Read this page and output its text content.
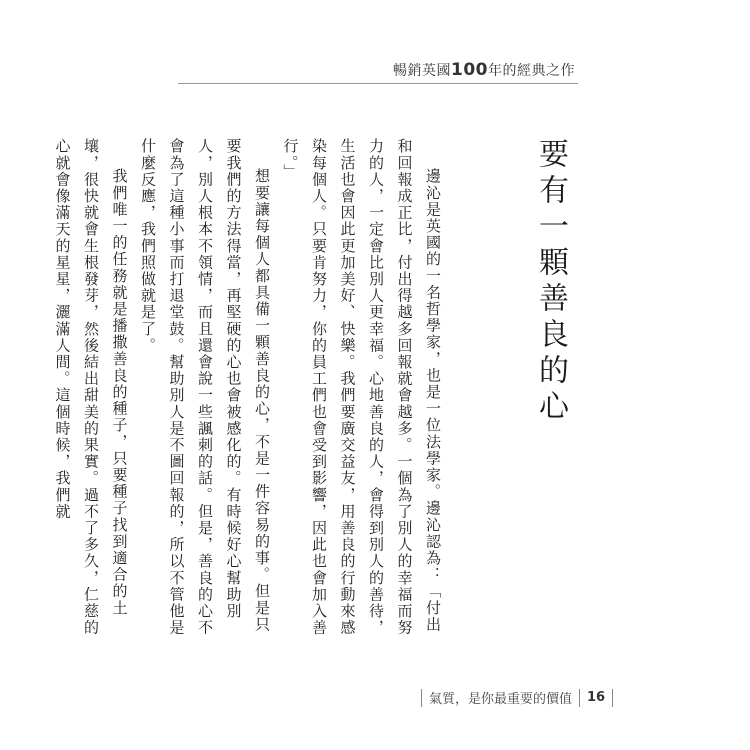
暢銷英國100年的經典之作
要有一顆善良的心

邊沁是英國的一名哲學家，也是一位法學家。邊沁認為：「付出和回報成正比，付出得越多回報就會越多。一個為了別人的幸福而努力的人，一定會比別人更幸福。心地善良的人，會得到別人的善待，生活也會因此更加美好、快樂。我們要廣交益友，用善良的行動來感染每個人。只要肯努力，你的員工們也會受到影響，因此也會加入善行。」

想要讓每個人都具備一顆善良的心，不是一件容易的事。但是只要我們的方法得當，再堅硬的心也會被感化的。有時候好心幫助別人，別人根本不領情，而且還會說一些諷刺的話。但是，善良的心不會為了這種小事而打退堂鼓。幫助別人是不圖回報的，所以不管他是什麼反應，我們照做就是了。

我們唯一的任務就是播撒善良的種子，只要種子找到適合的土壤，很快就會生根發芽，然後結出甜美的果實。過不了多久，仁慈的心就會像滿天的星星，灑滿人間。這個時候，我們就

氣質，是你最重要的價值 16
